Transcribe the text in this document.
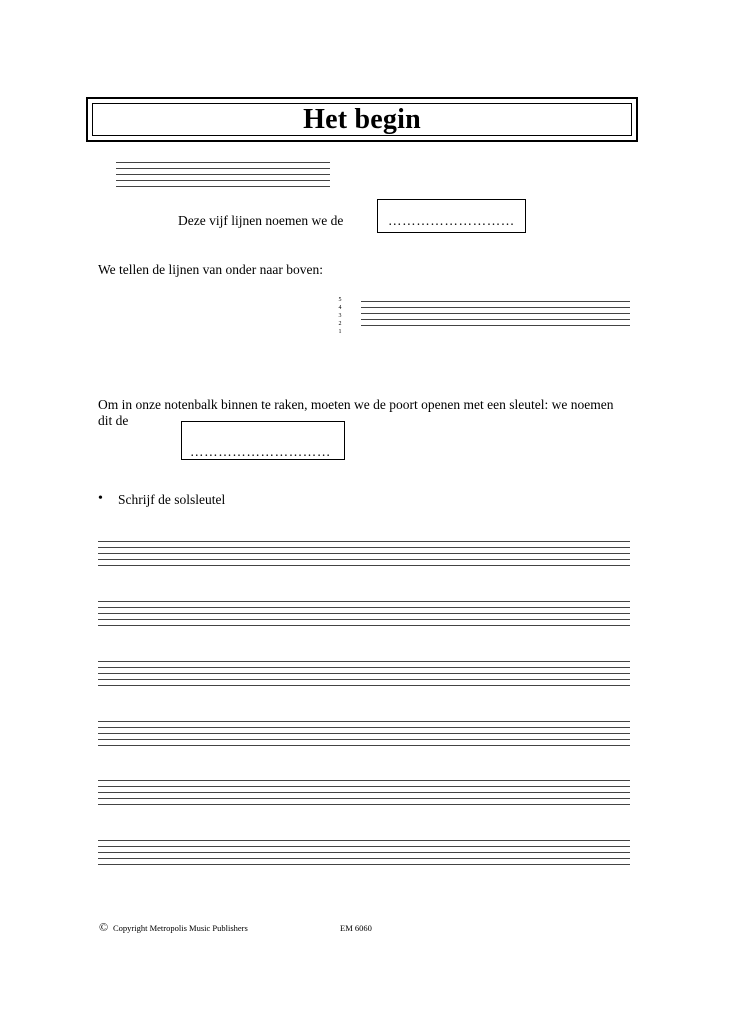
Het begin
Deze vijf lijnen noemen we de	………………………
We tellen de lijnen van onder naar boven:
5
4
3
2
1
Om in onze notenbalk binnen te raken, moeten we de poort openen met een sleutel: we noemen
dit de
…………………………
• Schrijf de solsleutel
© Copyright Metropolis Music Publishers	EM 6060
